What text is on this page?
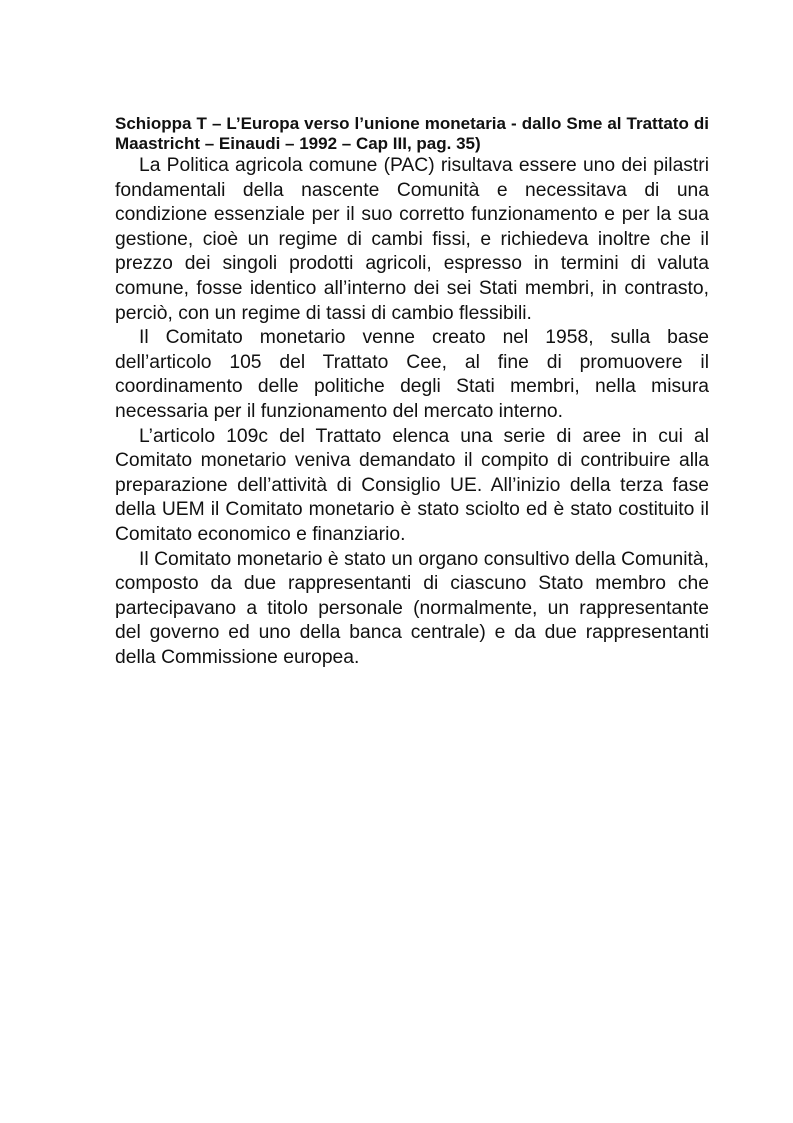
Schioppa T – L’Europa verso l’unione monetaria - dallo Sme al Trattato di Maastricht – Einaudi – 1992 – Cap III, pag. 35)

La Politica agricola comune (PAC) risultava essere uno dei pilastri fondamentali della nascente Comunità e necessitava di una condizione essenziale per il suo corretto funzionamento e per la sua gestione, cioè un regime di cambi fissi, e richiedeva inoltre che il prezzo dei singoli prodotti agricoli, espresso in termini di valuta comune, fosse identico all’interno dei sei Stati membri, in contrasto, perciò, con un regime di tassi di cambio flessibili.

Il Comitato monetario venne creato nel 1958, sulla base dell’articolo 105 del Trattato Cee, al fine di promuovere il coordinamento delle politiche degli Stati membri, nella misura necessaria per il funzionamento del mercato interno.

L’articolo 109c del Trattato elenca una serie di aree in cui al Comitato monetario veniva demandato il compito di contribuire alla preparazione dell’attività di Consiglio UE. All’inizio della terza fase della UEM il Comitato monetario è stato sciolto ed è stato costituito il Comitato economico e finanziario.

Il Comitato monetario è stato un organo consultivo della Comunità, composto da due rappresentanti di ciascuno Stato membro che partecipavano a titolo personale (normalmente, un rappresentante del governo ed uno della banca centrale) e da due rappresentanti della Commissione europea.
